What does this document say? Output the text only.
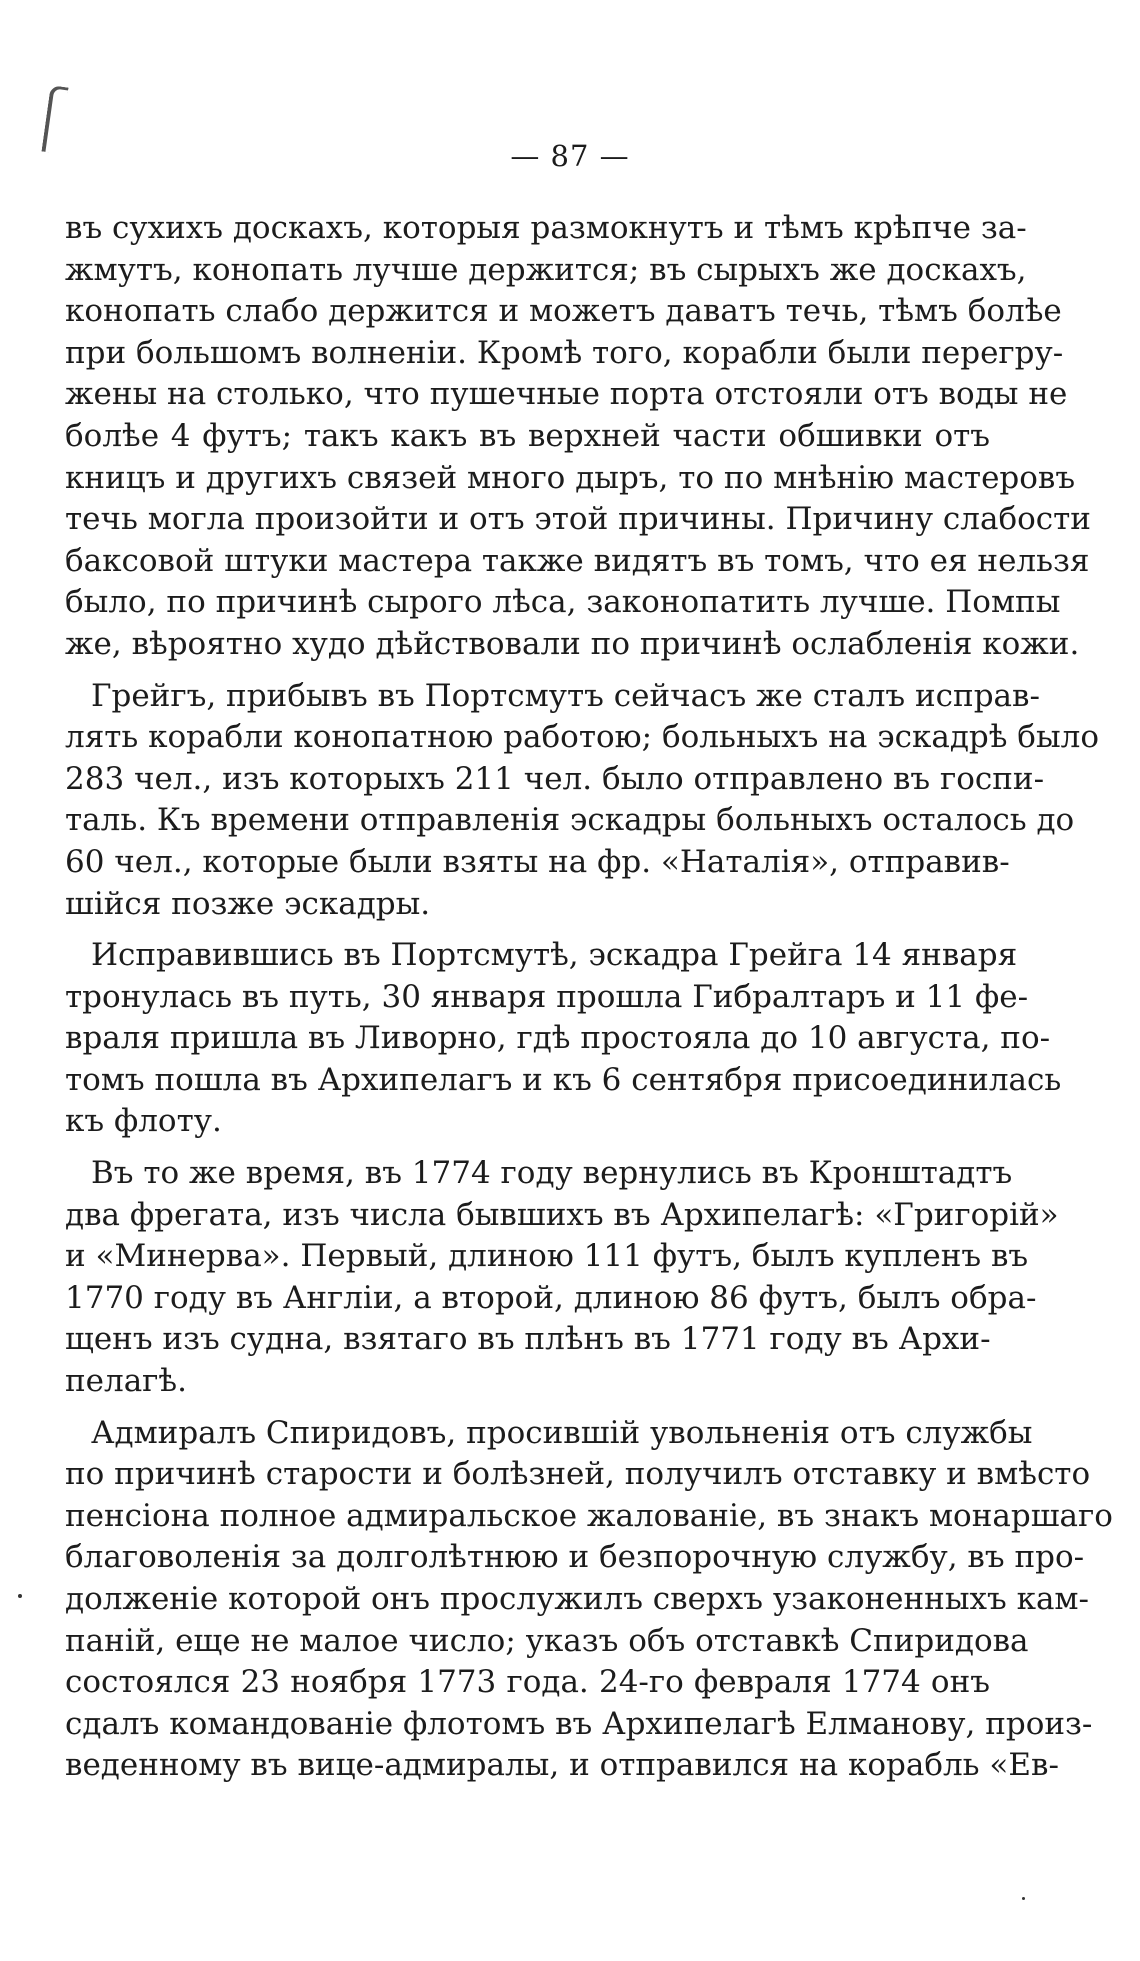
— 87 —
въ сухихъ доскахъ, которыя размокнутъ и тѣмъ крѣпче за-
жмутъ, конопать лучше держится; въ сырыхъ же доскахъ,
конопать слабо держится и можетъ даватъ течь, тѣмъ болѣе
при большомъ волненіи. Кромѣ того, корабли были перегру-
жены на столько, что пушечные порта отстояли отъ воды не
болѣе 4 футъ; такъ какъ въ верхней части обшивки отъ
кницъ и другихъ связей много дыръ, то по мнѣнію мастеровъ
течь могла произойти и отъ этой причины. Причину слабости
баксовой штуки мастера также видятъ въ томъ, что ея нельзя
было, по причинѣ сырого лѣса, законопатить лучше. Помпы
же, вѣроятно худо дѣйствовали по причинѣ ослабленія кожи.
Грейгъ, прибывъ въ Портсмутъ сейчасъ же сталъ исправ-
лять корабли конопатною работою; больныхъ на эскадрѣ было
283 чел., изъ которыхъ 211 чел. было отправлено въ госпи-
таль. Къ времени отправленія эскадры больныхъ осталось до
60 чел., которые были взяты на фр. «Наталія», отправив-
шійся позже эскадры.
Исправившись въ Портсмутѣ, эскадра Грейга 14 января
тронулась въ путь, 30 января прошла Гибралтаръ и 11 фе-
враля пришла въ Ливорно, гдѣ простояла до 10 августа, по-
томъ пошла въ Архипелагъ и къ 6 сентября присоединилась
къ флоту.
Въ то же время, въ 1774 году вернулись въ Кронштадтъ
два фрегата, изъ числа бывшихъ въ Архипелагѣ: «Григорій»
и «Минерва». Первый, длиною 111 футъ, былъ купленъ въ
1770 году въ Англіи, а второй, длиною 86 футъ, былъ обра-
щенъ изъ судна, взятаго въ плѣнъ въ 1771 году въ Архи-
пелагѣ.
Адмиралъ Спиридовъ, просившій увольненія отъ службы
по причинѣ старости и болѣзней, получилъ отставку и вмѣсто
пенсіона полное адмиральское жалованіе, въ знакъ монаршаго
благоволенія за долголѣтнюю и безпорочную службу, въ про-
долженіе которой онъ прослужилъ сверхъ узаконенныхъ кам-
паній, еще не малое число; указъ объ отставкѣ Спиридова
состоялся 23 ноября 1773 года. 24-го февраля 1774 онъ
сдалъ командованіе флотомъ въ Архипелагѣ Елманову, произ-
веденному въ вице-адмиралы, и отправился на корабль «Ев-
